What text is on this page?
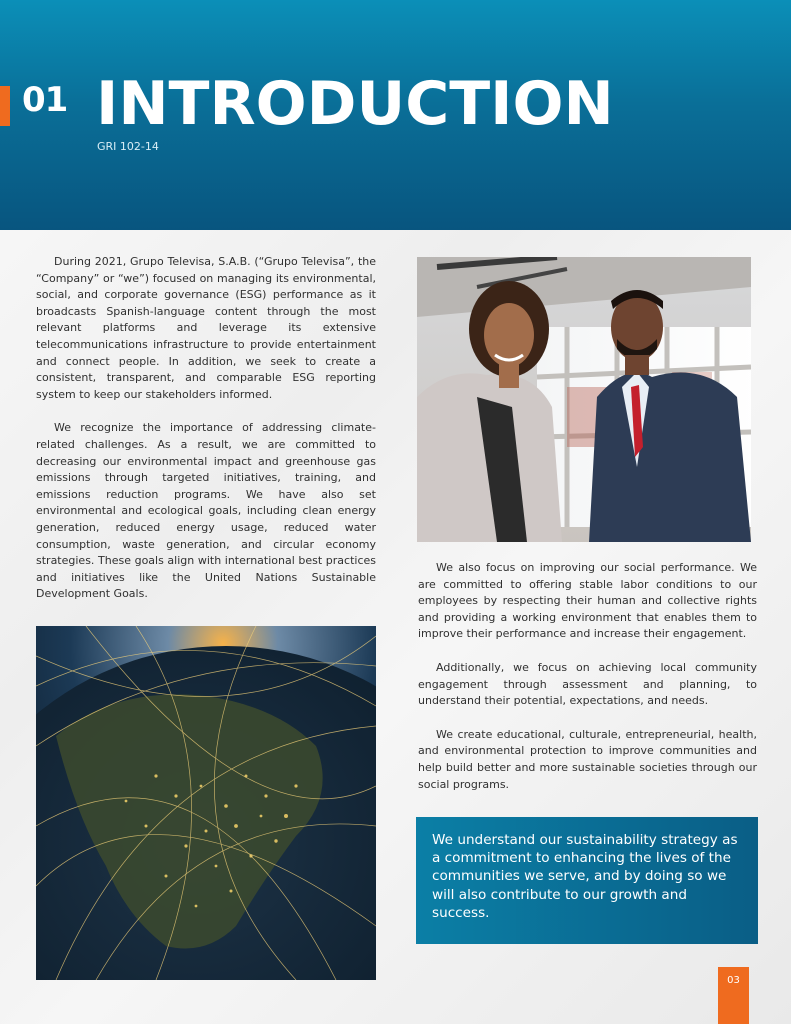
01 INTRODUCTION
GRI 102-14

During 2021, Grupo Televisa, S.A.B. (“Grupo Televisa”, the “Company” or “we”) focused on managing its environmental, social, and corporate governance (ESG) performance as it broadcasts Spanish-language content through the most relevant platforms and leverage its extensive telecommunications infrastructure to provide entertainment and connect people. In addition, we seek to create a consistent, transparent, and comparable ESG reporting system to keep our stakeholders informed.

We recognize the importance of addressing climate-related challenges. As a result, we are committed to decreasing our environmental impact and greenhouse gas emissions through targeted initiatives, training, and emissions reduction programs. We have also set environmental and ecological goals, including clean energy generation, reduced energy usage, reduced water consumption, waste generation, and circular economy strategies. These goals align with international best practices and initiatives like the United Nations Sustainable Development Goals.

We also focus on improving our social performance. We are committed to offering stable labor conditions to our employees by respecting their human and collective rights and providing a working environment that enables them to improve their performance and increase their engagement.

Additionally, we focus on achieving local community engagement through assessment and planning, to understand their potential, expectations, and needs.

We create educational, culturale, entrepreneurial, health, and environmental protection to improve communities and help build better and more sustainable societies through our social programs.

We understand our sustainability strategy as a commitment to enhancing the lives of the communities we serve, and by doing so we will also contribute to our growth and success.
03
